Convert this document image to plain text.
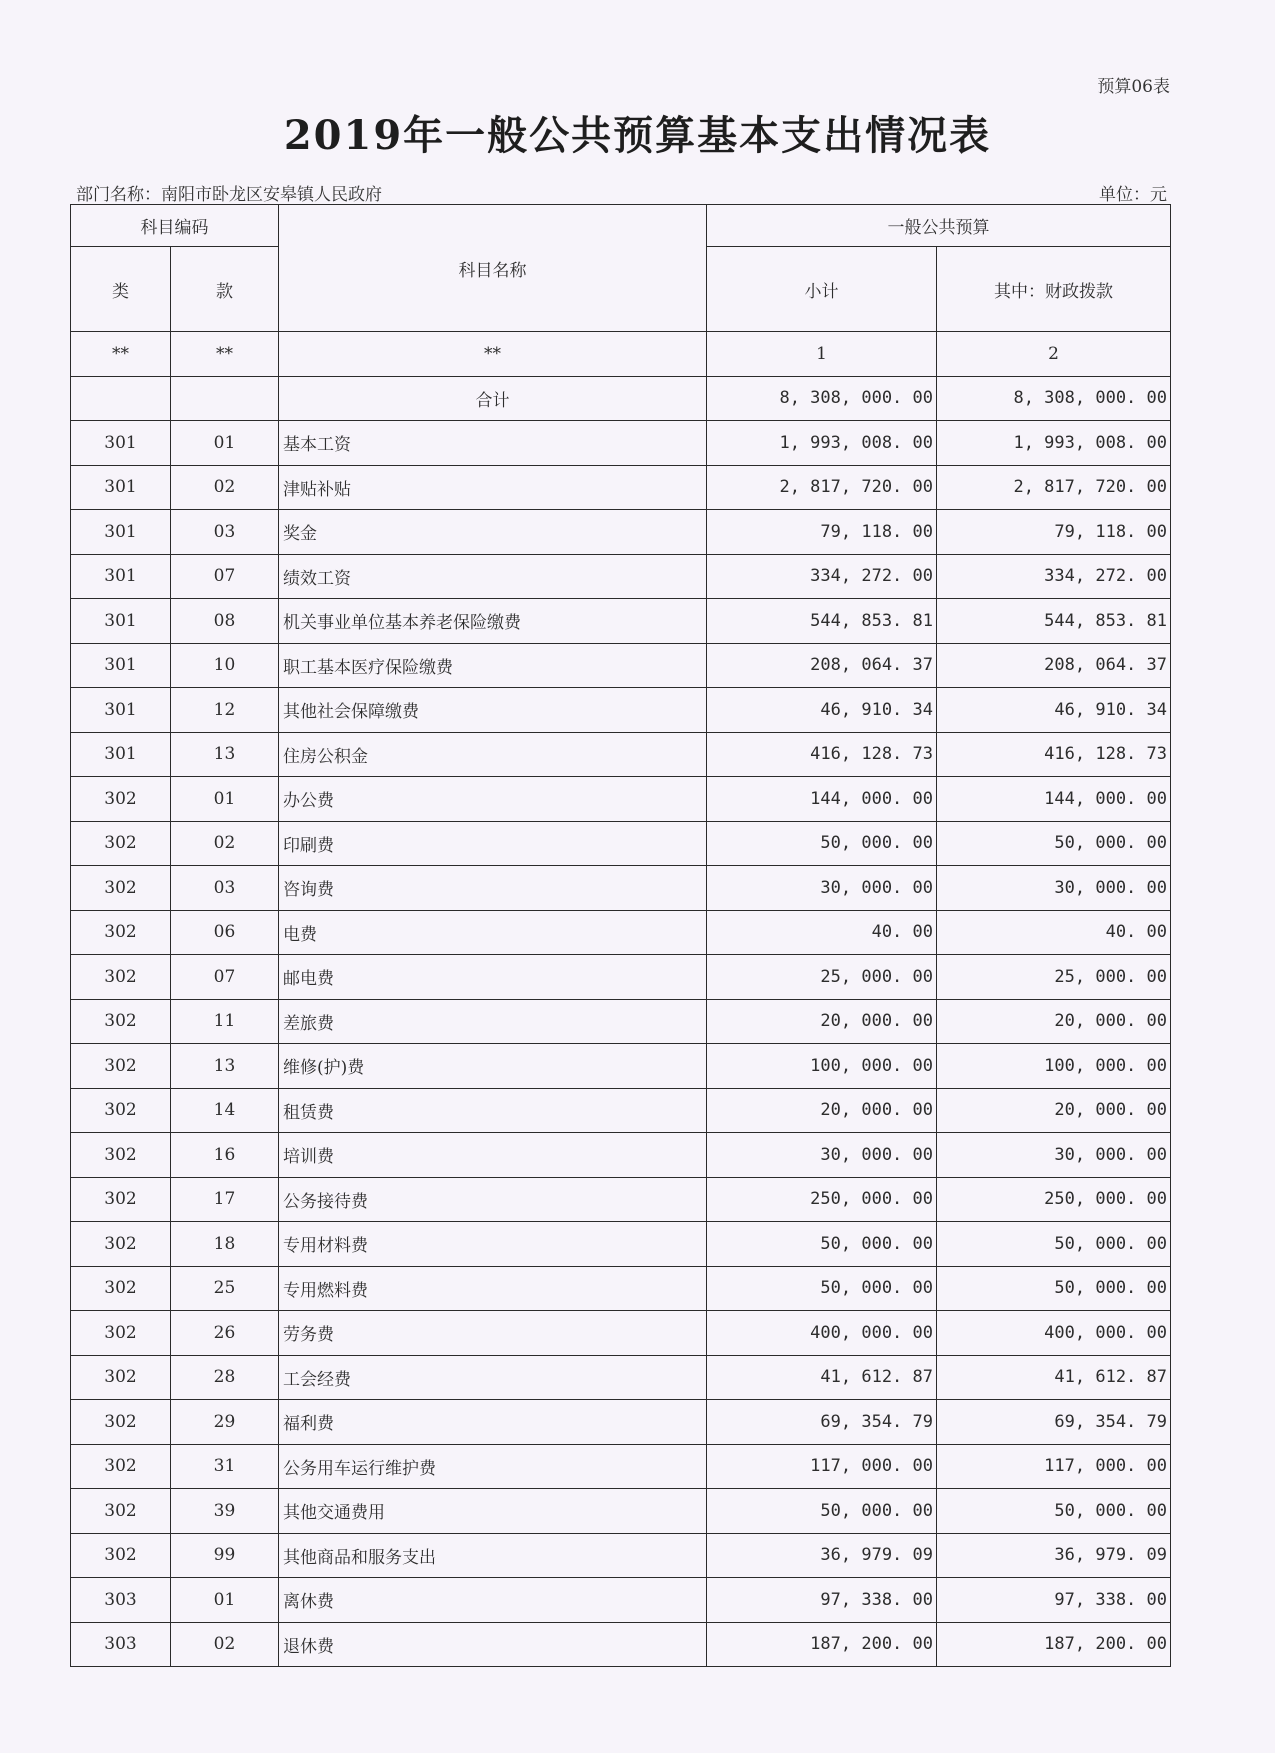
预算06表
2019年一般公共预算基本支出情况表
部门名称：南阳市卧龙区安皋镇人民政府	单位：元
科目编码		科目名称	一般公共预算	
类	款		小计	其中：财政拨款
**	**	**	1	2
		合计	8, 308, 000. 00	8, 308, 000. 00
301	01	基本工资	1, 993, 008. 00	1, 993, 008. 00
301	02	津贴补贴	2, 817, 720. 00	2, 817, 720. 00
301	03	奖金	79, 118. 00	79, 118. 00
301	07	绩效工资	334, 272. 00	334, 272. 00
301	08	机关事业单位基本养老保险缴费	544, 853. 81	544, 853. 81
301	10	职工基本医疗保险缴费	208, 064. 37	208, 064. 37
301	12	其他社会保障缴费	46, 910. 34	46, 910. 34
301	13	住房公积金	416, 128. 73	416, 128. 73
302	01	办公费	144, 000. 00	144, 000. 00
302	02	印刷费	50, 000. 00	50, 000. 00
302	03	咨询费	30, 000. 00	30, 000. 00
302	06	电费	40. 00	40. 00
302	07	邮电费	25, 000. 00	25, 000. 00
302	11	差旅费	20, 000. 00	20, 000. 00
302	13	维修(护)费	100, 000. 00	100, 000. 00
302	14	租赁费	20, 000. 00	20, 000. 00
302	16	培训费	30, 000. 00	30, 000. 00
302	17	公务接待费	250, 000. 00	250, 000. 00
302	18	专用材料费	50, 000. 00	50, 000. 00
302	25	专用燃料费	50, 000. 00	50, 000. 00
302	26	劳务费	400, 000. 00	400, 000. 00
302	28	工会经费	41, 612. 87	41, 612. 87
302	29	福利费	69, 354. 79	69, 354. 79
302	31	公务用车运行维护费	117, 000. 00	117, 000. 00
302	39	其他交通费用	50, 000. 00	50, 000. 00
302	99	其他商品和服务支出	36, 979. 09	36, 979. 09
303	01	离休费	97, 338. 00	97, 338. 00
303	02	退休费	187, 200. 00	187, 200. 00
